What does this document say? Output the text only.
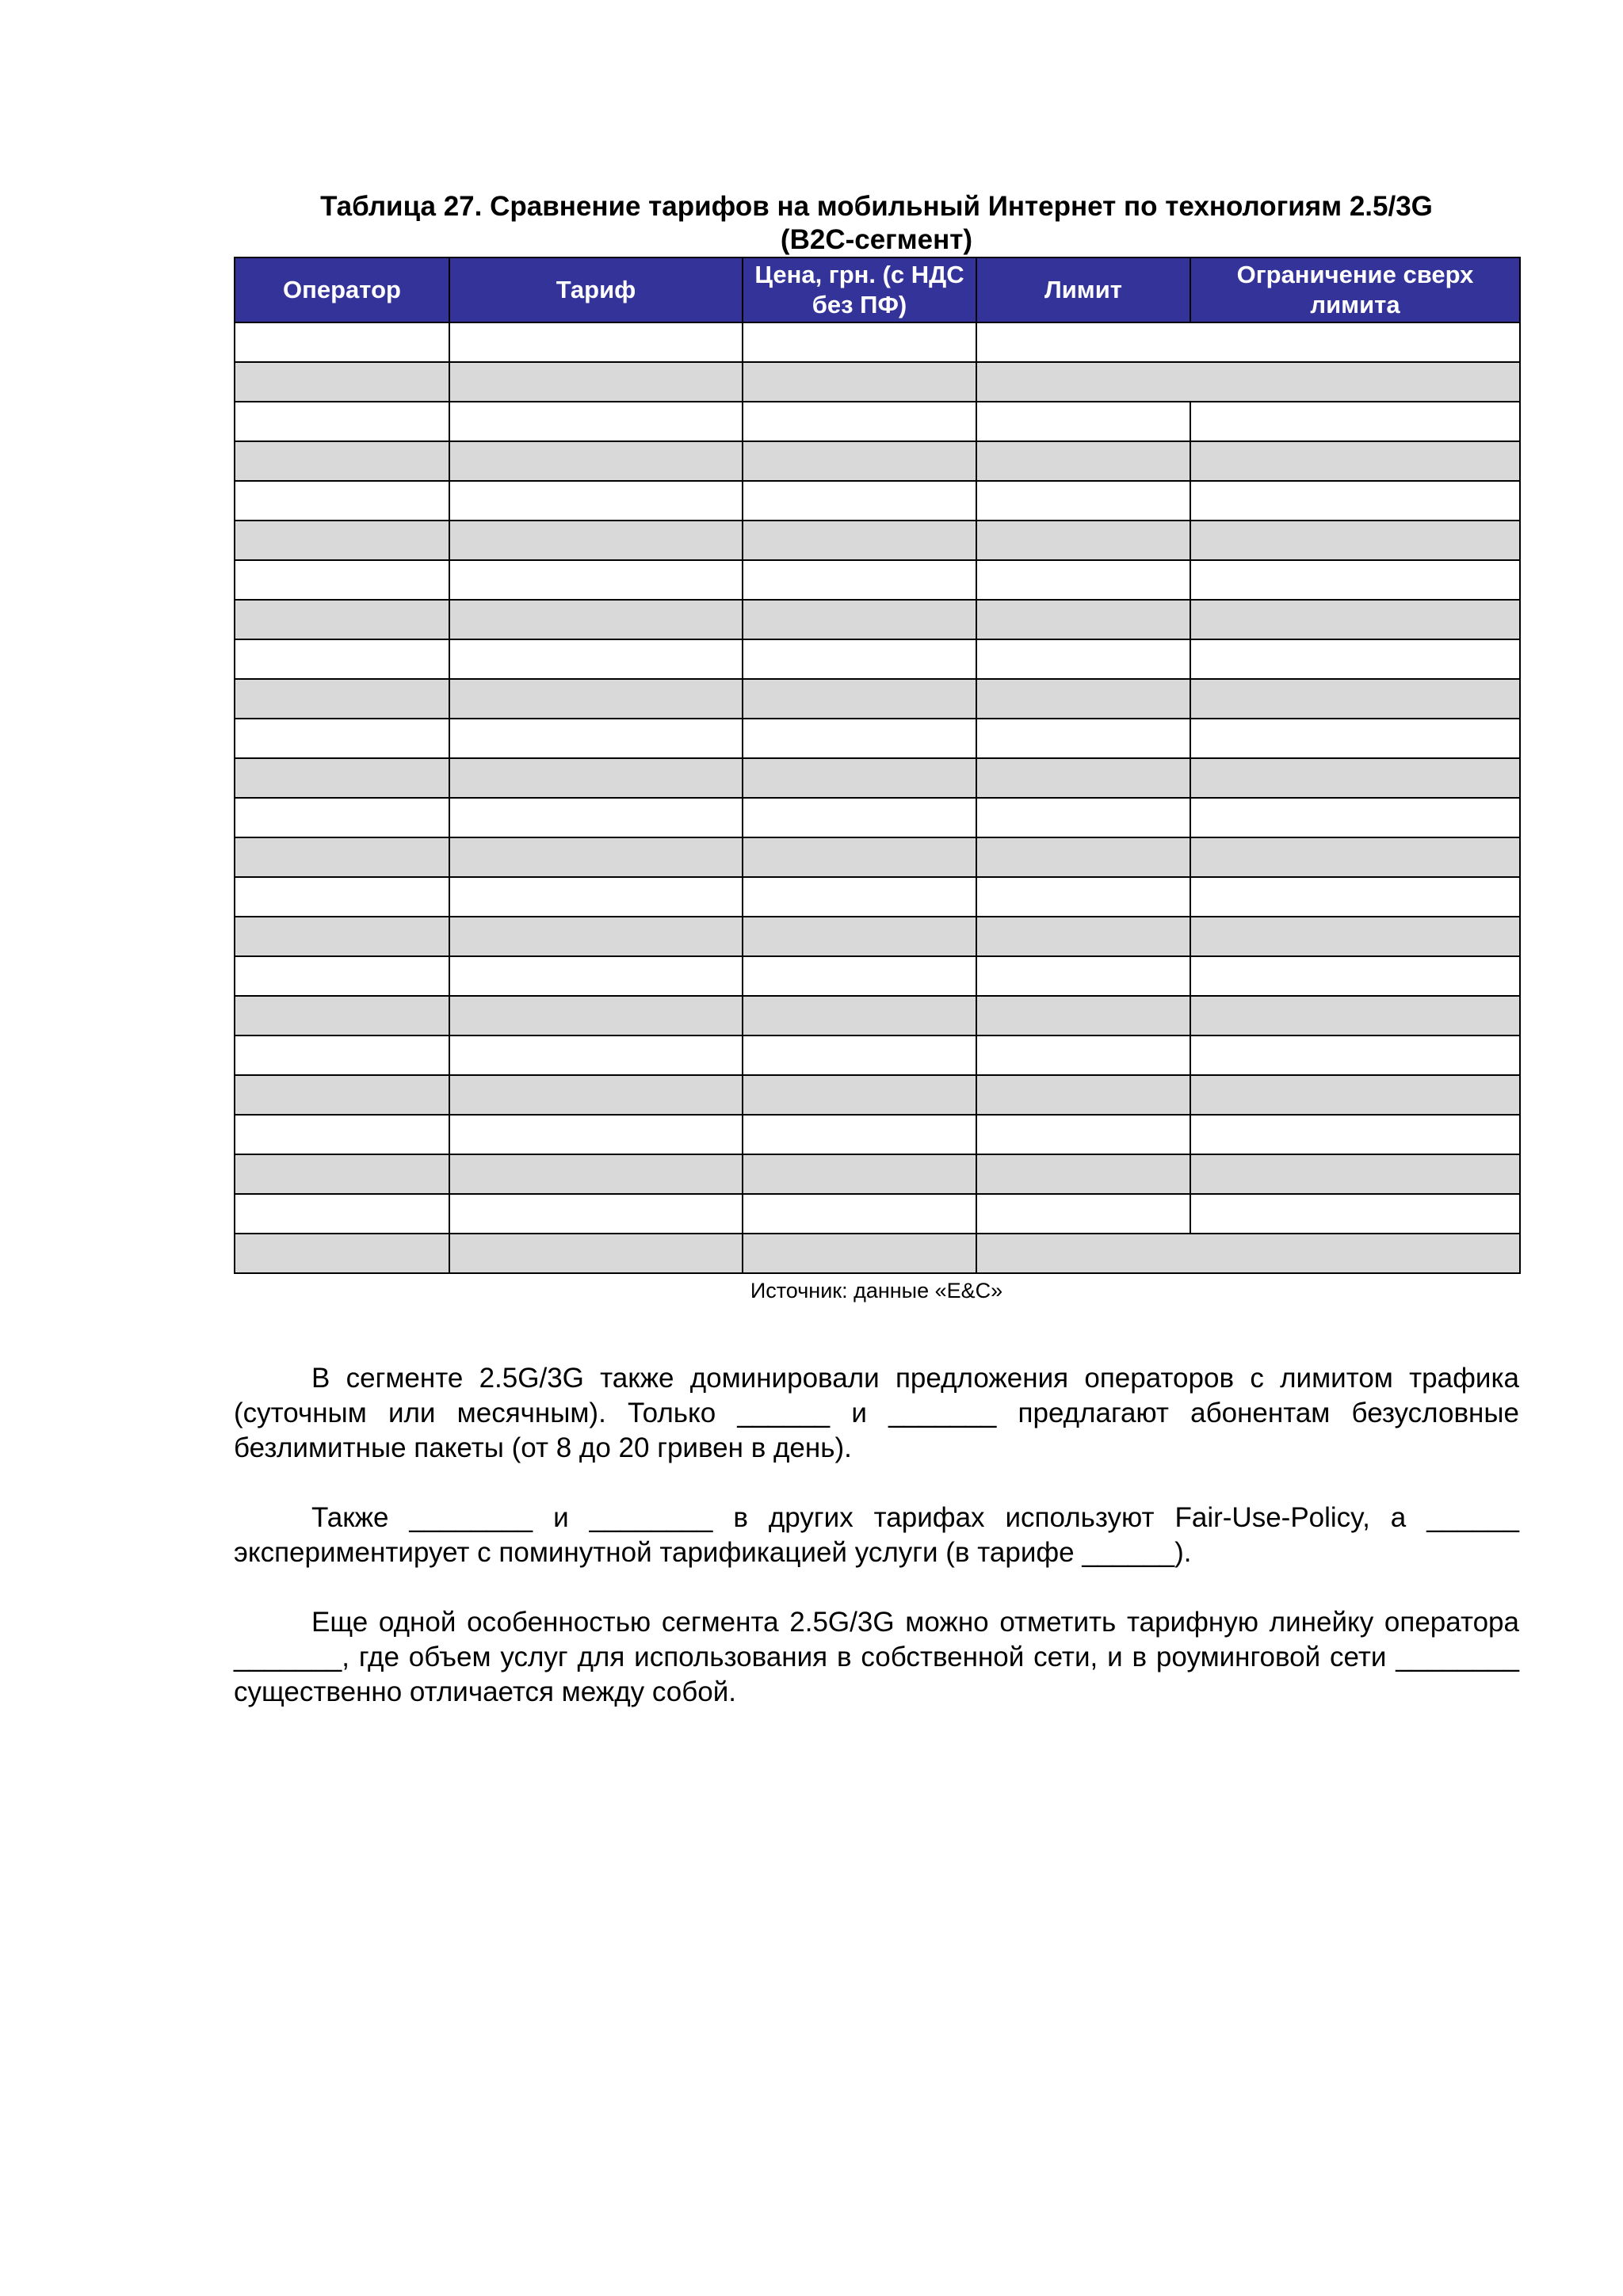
Таблица 27. Сравнение тарифов на мобильный Интернет по технологиям 2.5/3G
(B2C-сегмент)

Оператор	Тариф	Цена, грн. (с НДС без ПФ)	Лимит	Ограничение сверх лимита

Источник: данные «E&C»

В сегменте 2.5G/3G также доминировали предложения операторов с лимитом трафика (суточным или месячным). Только ______ и _______ предлагают абонентам безусловные безлимитные пакеты (от 8 до 20 гривен в день).

Также ________ и ________ в других тарифах используют Fair-Use-Policy, а ______ экспериментирует с поминутной тарификацией услуги (в тарифе ______).

Еще одной особенностью сегмента 2.5G/3G можно отметить тарифную линейку оператора _______, где объем услуг для использования в собственной сети, и в роуминговой сети ________ существенно отличается между собой.
